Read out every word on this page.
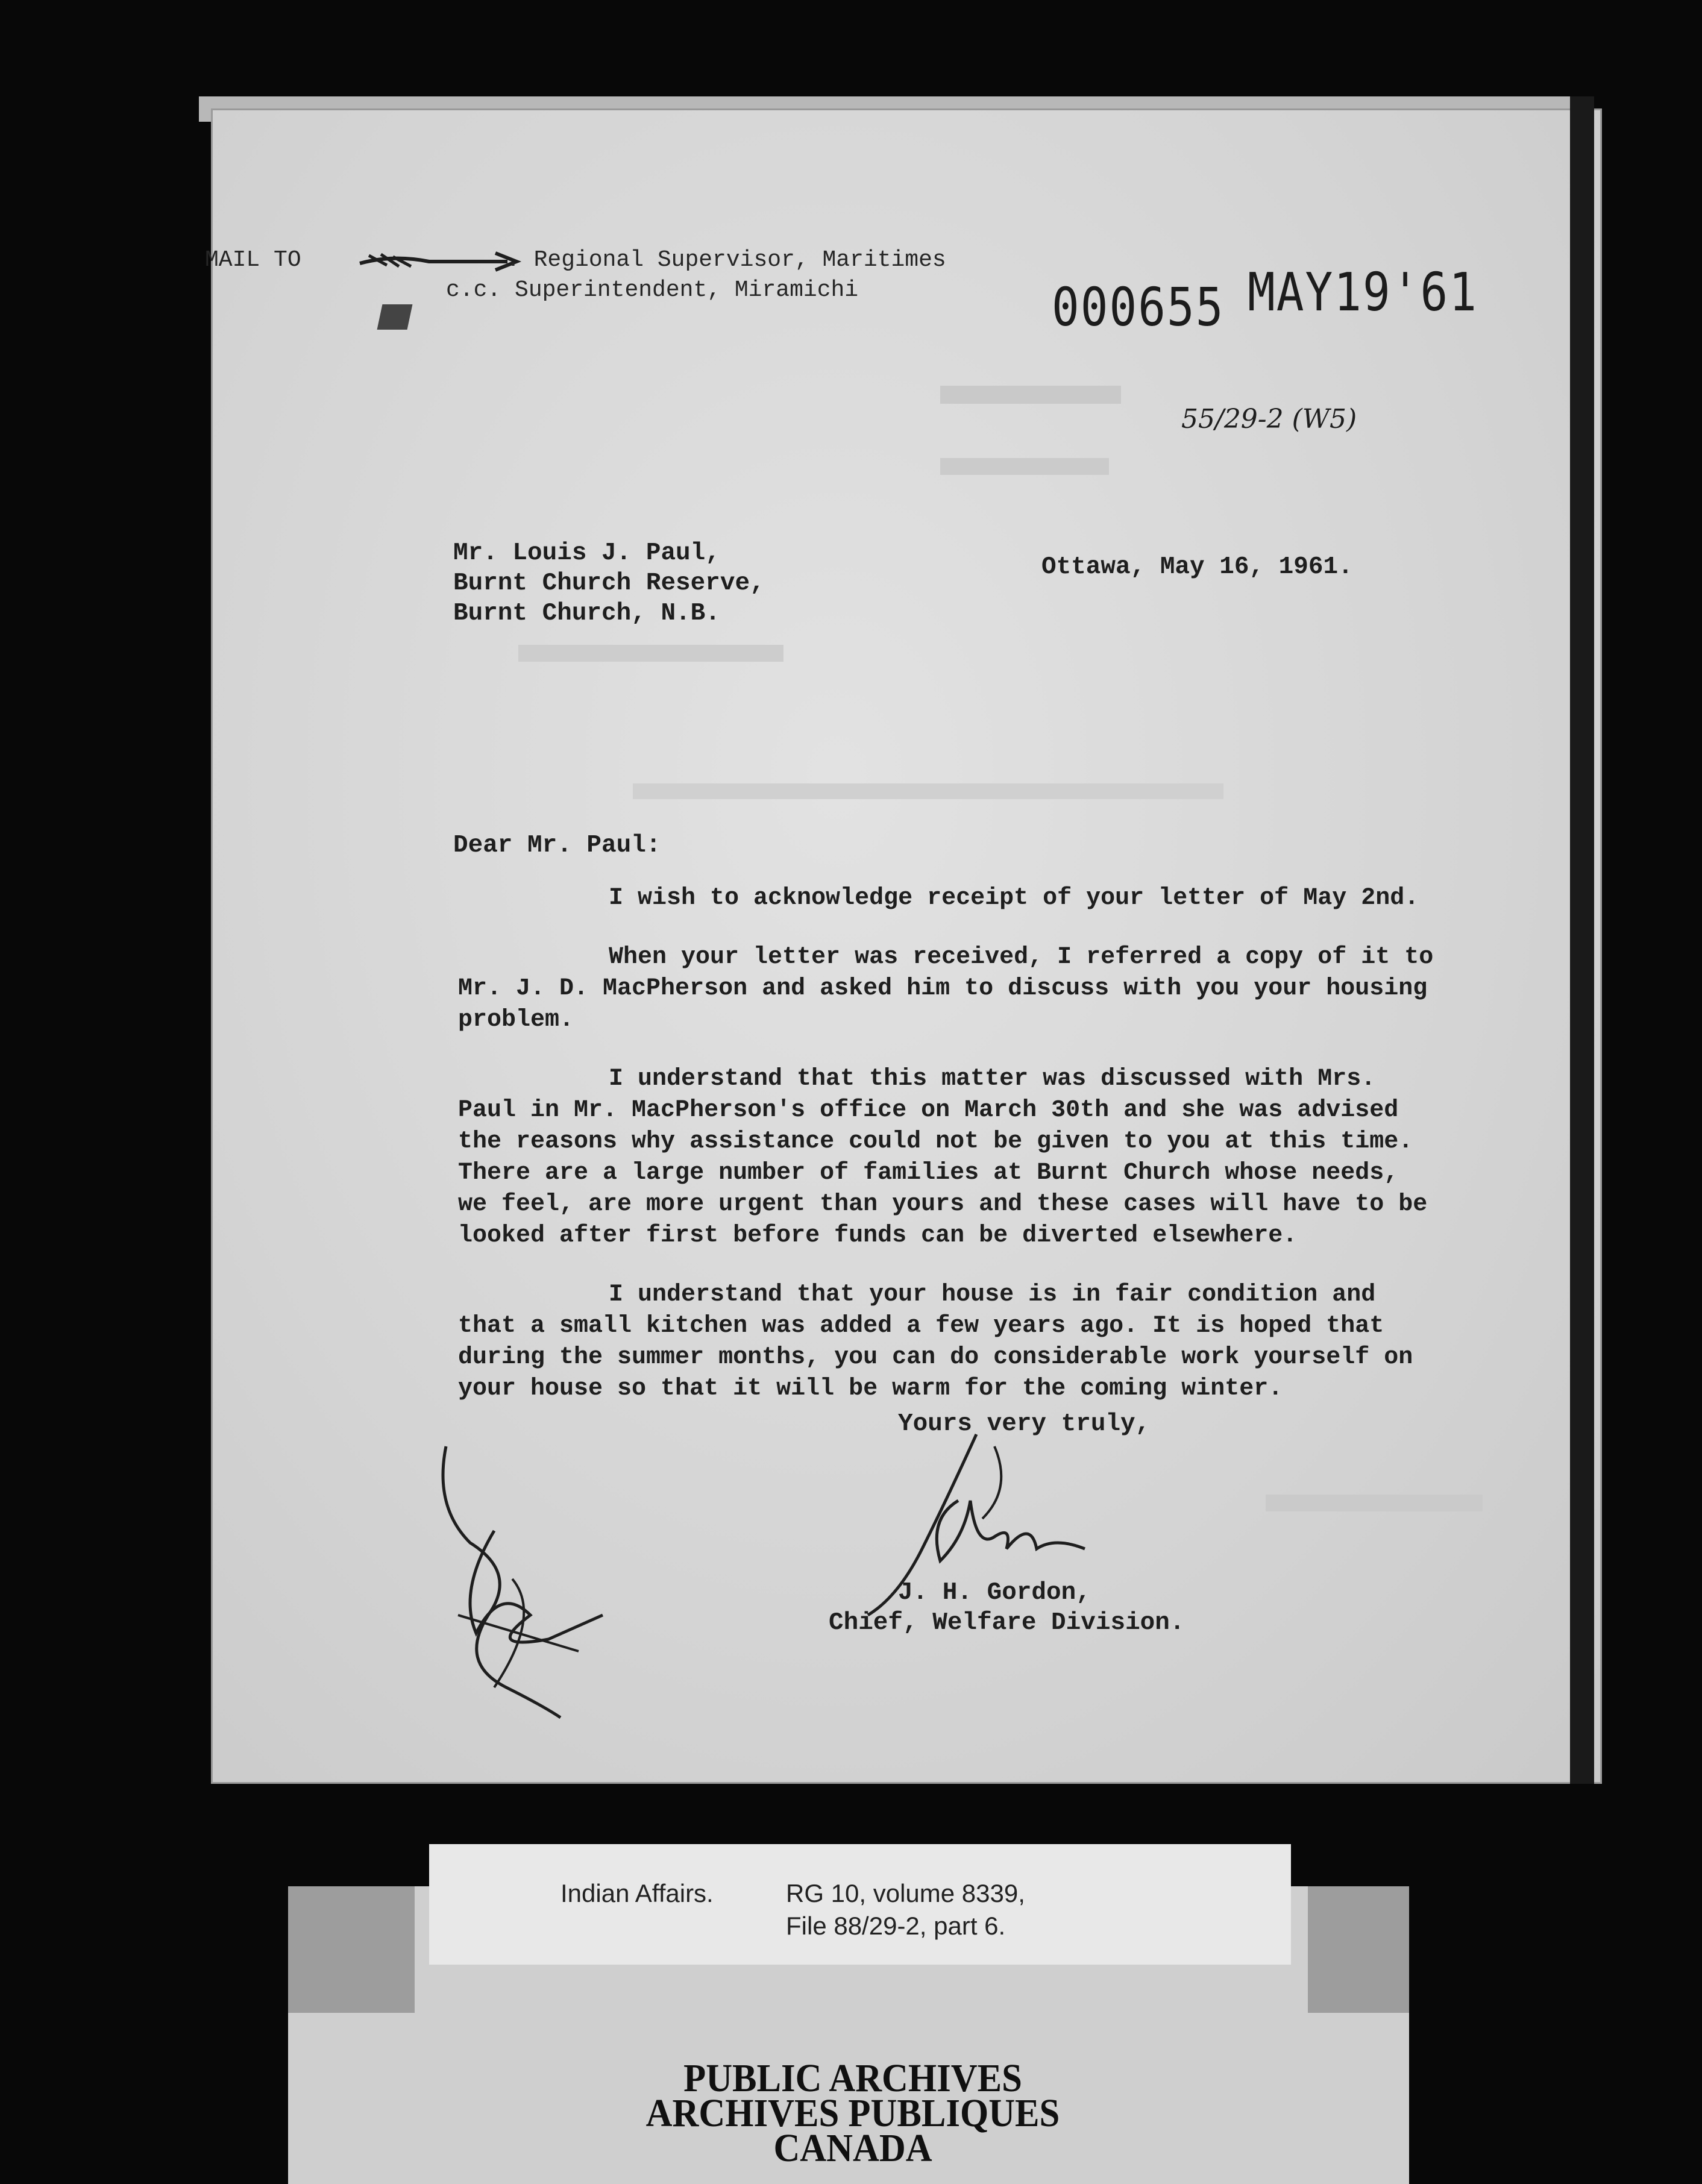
MAIL TO	. Regional Supervisor, Maritimes
c.c. Superintendent, Miramichi	000655 MAY19'61
55/29-2 (W5)
Mr. Louis J. Paul,
Burnt Church Reserve,
Burnt Church, N.B.
Ottawa, May 16, 1961.
Dear Mr. Paul:

I wish to acknowledge receipt of your letter of May 2nd.

When your letter was received, I referred a copy of it to Mr. J. D. MacPherson and asked him to discuss with you your housing problem.

I understand that this matter was discussed with Mrs. Paul in Mr. MacPherson's office on March 30th and she was advised the reasons why assistance could not be given to you at this time. There are a large number of families at Burnt Church whose needs, we feel, are more urgent than yours and these cases will have to be looked after first before funds can be diverted elsewhere.

I understand that your house is in fair condition and that a small kitchen was added a few years ago. It is hoped that during the summer months, you can do considerable work yourself on your house so that it will be warm for the coming winter.

Yours very truly,
J. H. Gordon,
Chief, Welfare Division.
Indian Affairs.	RG 10, volume 8339,
File 88/29-2, part 6.
PUBLIC ARCHIVES
ARCHIVES PUBLIQUES
CANADA
